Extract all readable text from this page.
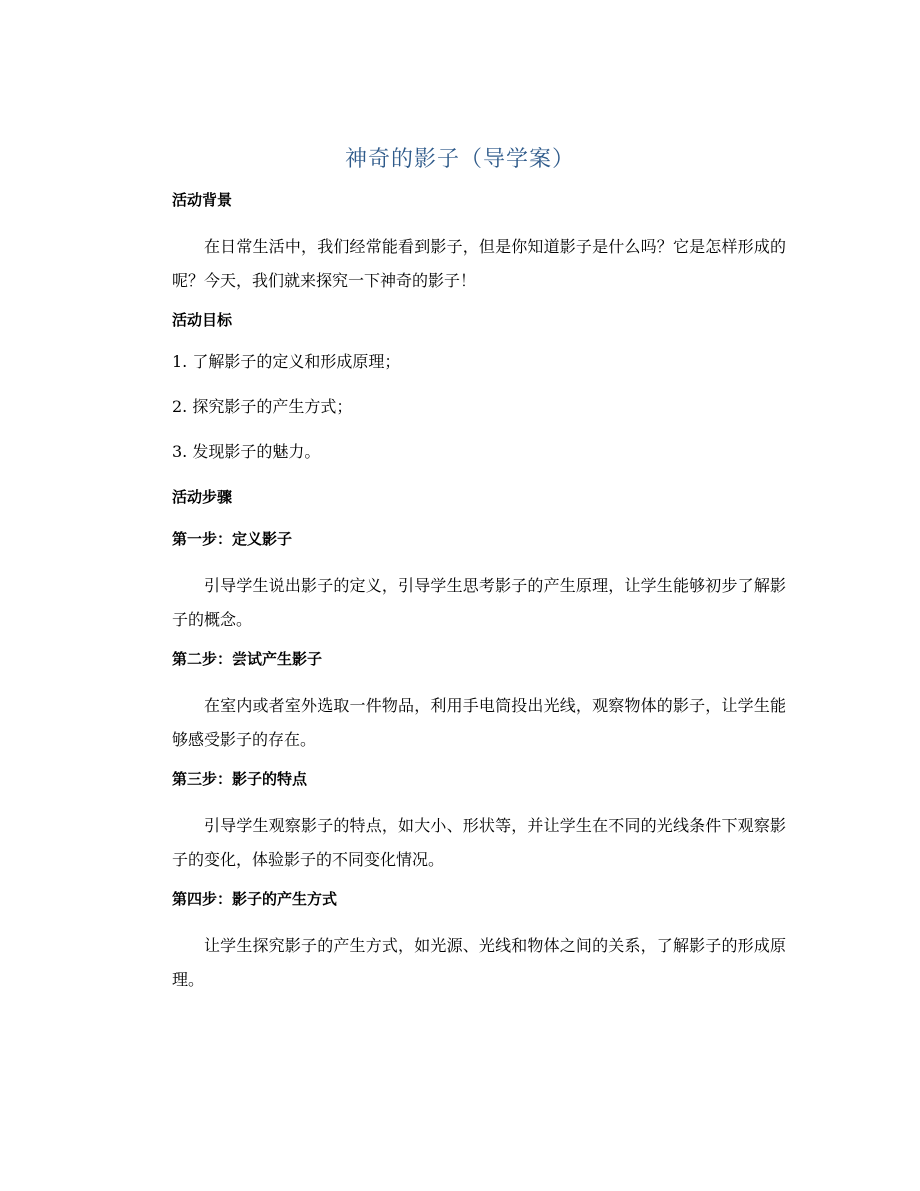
神奇的影子（导学案）
活动背景

在日常生活中，我们经常能看到影子，但是你知道影子是什么吗？它是怎样形成的呢？今天，我们就来探究一下神奇的影子！

活动目标
1. 了解影子的定义和形成原理；
2. 探究影子的产生方式；
3. 发现影子的魅力。
活动步骤
第一步：定义影子

引导学生说出影子的定义，引导学生思考影子的产生原理，让学生能够初步了解影子的概念。

第二步：尝试产生影子

在室内或者室外选取一件物品，利用手电筒投出光线，观察物体的影子，让学生能够感受影子的存在。

第三步：影子的特点

引导学生观察影子的特点，如大小、形状等，并让学生在不同的光线条件下观察影子的变化，体验影子的不同变化情况。

第四步：影子的产生方式

让学生探究影子的产生方式，如光源、光线和物体之间的关系，了解影子的形成原理。
